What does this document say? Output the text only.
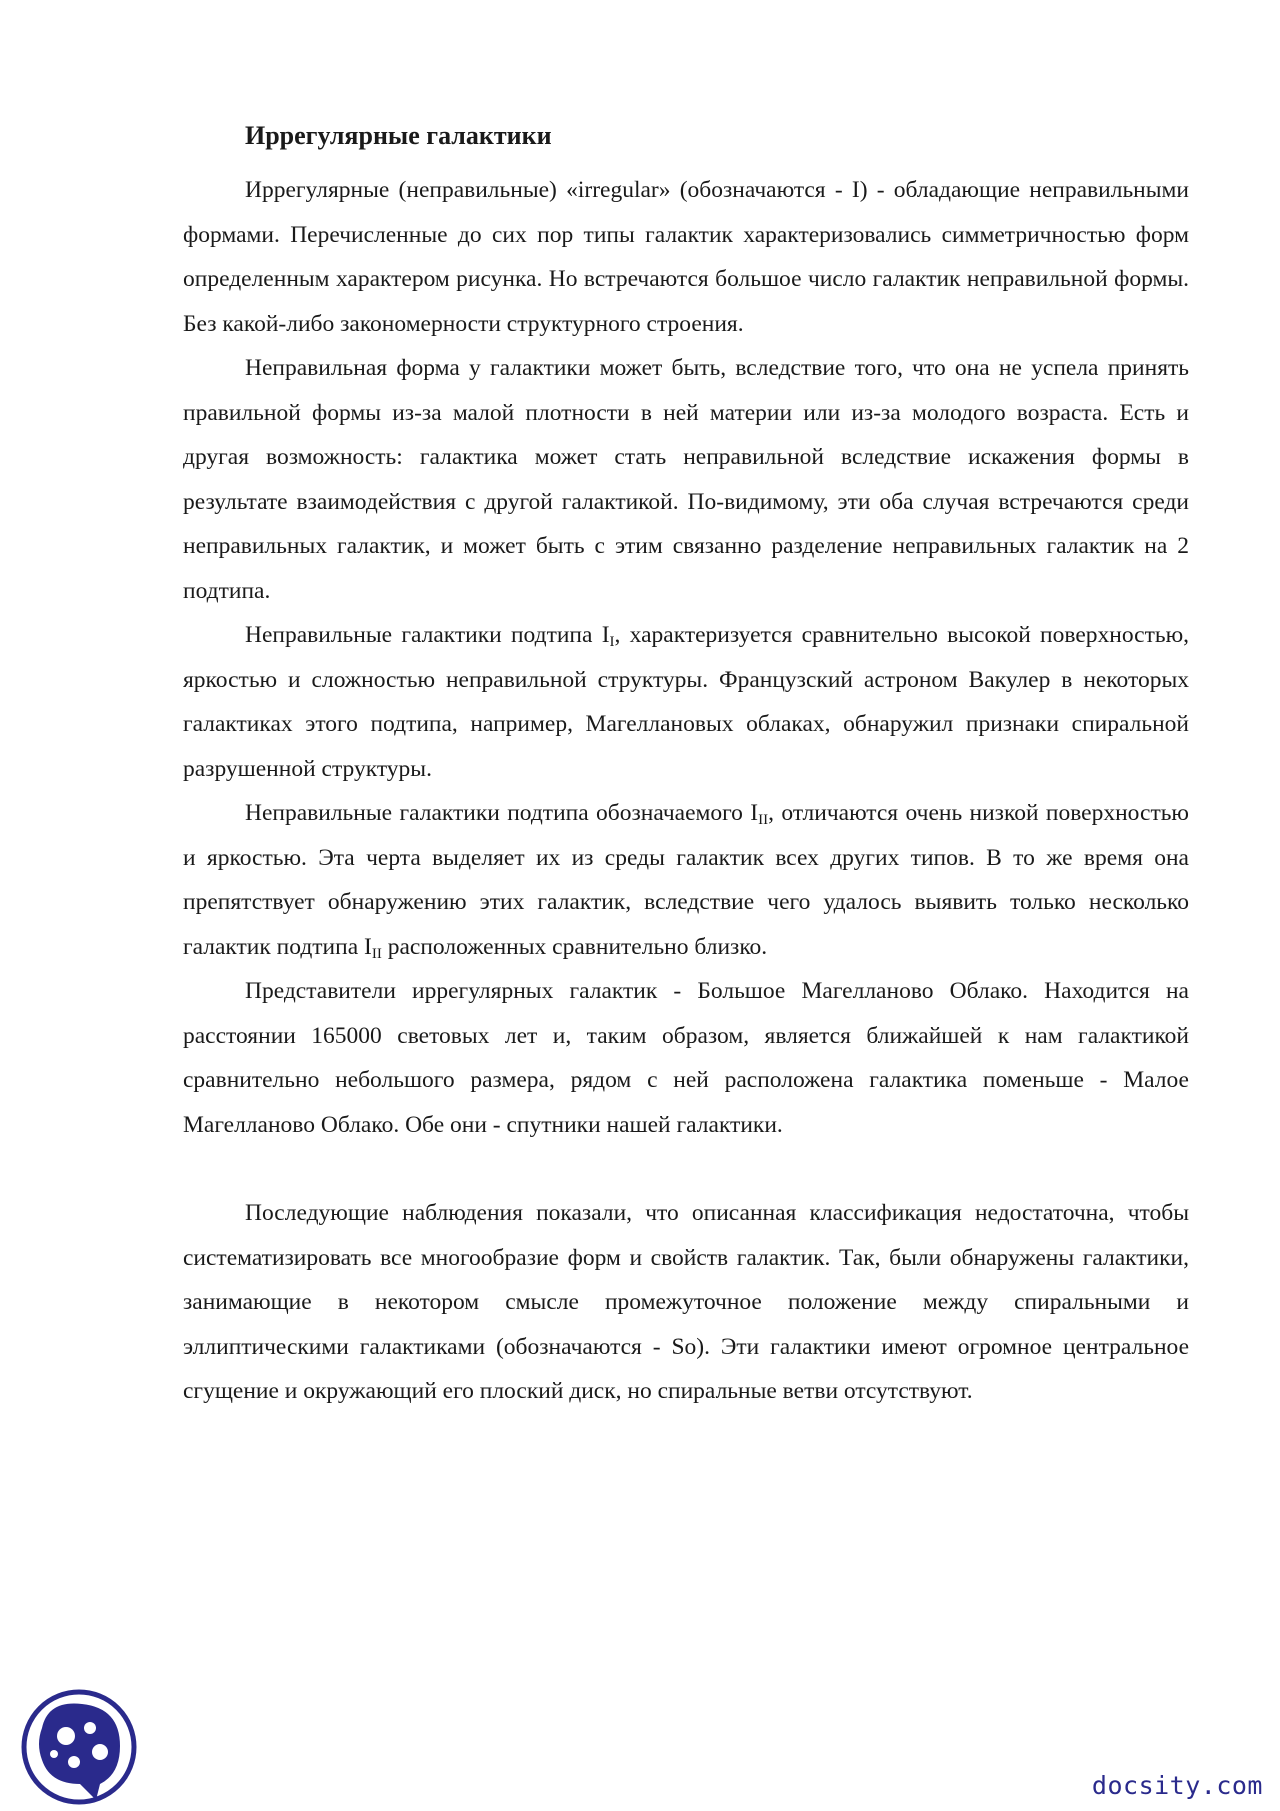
Иррегулярные галактики

Иррегулярные (неправильные) «irregular» (обозначаются - I) - обладающие неправильными формами. Перечисленные до сих пор типы галактик характеризовались симметричностью форм определенным характером рисунка. Но встречаются большое число галактик неправильной формы. Без какой-либо закономерности структурного строения.

Неправильная форма у галактики может быть, вследствие того, что она не успела принять правильной формы из-за малой плотности в ней материи или из-за молодого возраста. Есть и другая возможность: галактика может стать неправильной вследствие искажения формы в результате взаимодействия с другой галактикой. По-видимому, эти оба случая встречаются среди неправильных галактик, и может быть с этим связанно разделение неправильных галактик на 2 подтипа.

Неправильные галактики подтипа $I_I$, характеризуется сравнительно высокой поверхностью, яркостью и сложностью неправильной структуры. Французский астроном Вакулер в некоторых галактиках этого подтипа, например, Магеллановых облаках, обнаружил признаки спиральной разрушенной структуры.

Неправильные галактики подтипа обозначаемого $I_{II}$, отличаются очень низкой поверхностью и яркостью. Эта черта выделяет их из среды галактик всех других типов. В то же время она препятствует обнаружению этих галактик, вследствие чего удалось выявить только несколько галактик подтипа $I_{II}$ расположенных сравнительно близко.

Представители иррегулярных галактик - Большое Магелланово Облако. Находится на расстоянии 165000 световых лет и, таким образом, является ближайшей к нам галактикой сравнительно небольшого размера, рядом с ней расположена галактика поменьше - Малое Магелланово Облако. Обе они - спутники нашей галактики.

Последующие наблюдения показали, что описанная классификация недостаточна, чтобы систематизировать все многообразие форм и свойств галактик. Так, были обнаружены галактики, занимающие в некотором смысле промежуточное положение между спиральными и эллиптическими галактиками (обозначаются - So). Эти галактики имеют огромное центральное сгущение и окружающий его плоский диск, но спиральные ветви отсутствуют.

docsity.com
